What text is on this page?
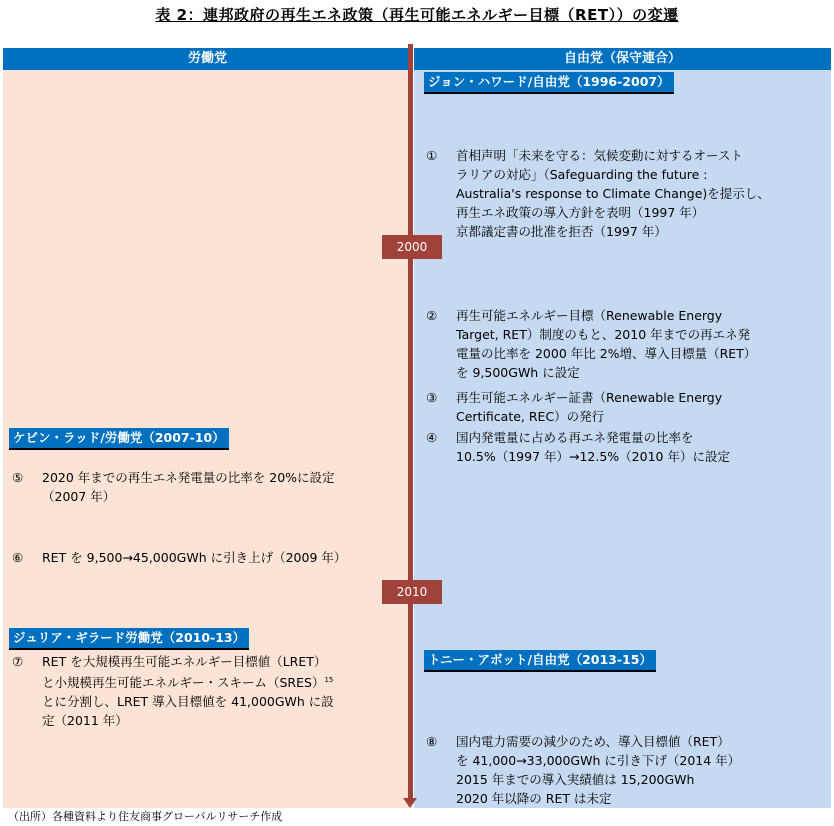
表 2：連邦政府の再生エネ政策（再生可能エネルギー目標（RET））の変遷
労働党	自由党（保守連合）
2000
2010
ジョン・ハワード/自由党（1996-2007）
ケビン・ラッド/労働党（2007-10）
ジュリア・ギラード労働党（2010-13）
トニー・アボット/自由党（2013-15）
①	首相声明「未来を守る：気候変動に対するオースト
ラリアの対応」（Safeguarding the future :
Australia's response to Climate Change)を提示し、
再生エネ政策の導入方針を表明（1997 年）
京都議定書の批准を拒否（1997 年）
②	再生可能エネルギー目標（Renewable Energy
Target, RET）制度のもと、2010 年までの再エネ発
電量の比率を 2000 年比 2%増、導入目標量（RET）
を 9,500GWh に設定
③	再生可能エネルギー証書（Renewable Energy
Certificate, REC）の発行
④	国内発電量に占める再エネ発電量の比率を
10.5%（1997 年）→12.5%（2010 年）に設定
⑤	2020 年までの再生エネ発電量の比率を 20%に設定
（2007 年）
⑥	RET を 9,500→45,000GWh に引き上げ（2009 年）
⑦	RET を大規模再生可能エネルギー目標値（LRET）
と小規模再生可能エネルギー・スキーム（SRES）$^{15}$
とに分割し、LRET 導入目標値を 41,000GWh に設
定（2011 年）
⑧	国内電力需要の減少のため、導入目標値（RET）
を 41,000→33,000GWh に引き下げ（2014 年）
2015 年までの導入実績値は 15,200GWh
2020 年以降の RET は未定
（出所）各種資料より住友商事グローバルリサーチ作成
